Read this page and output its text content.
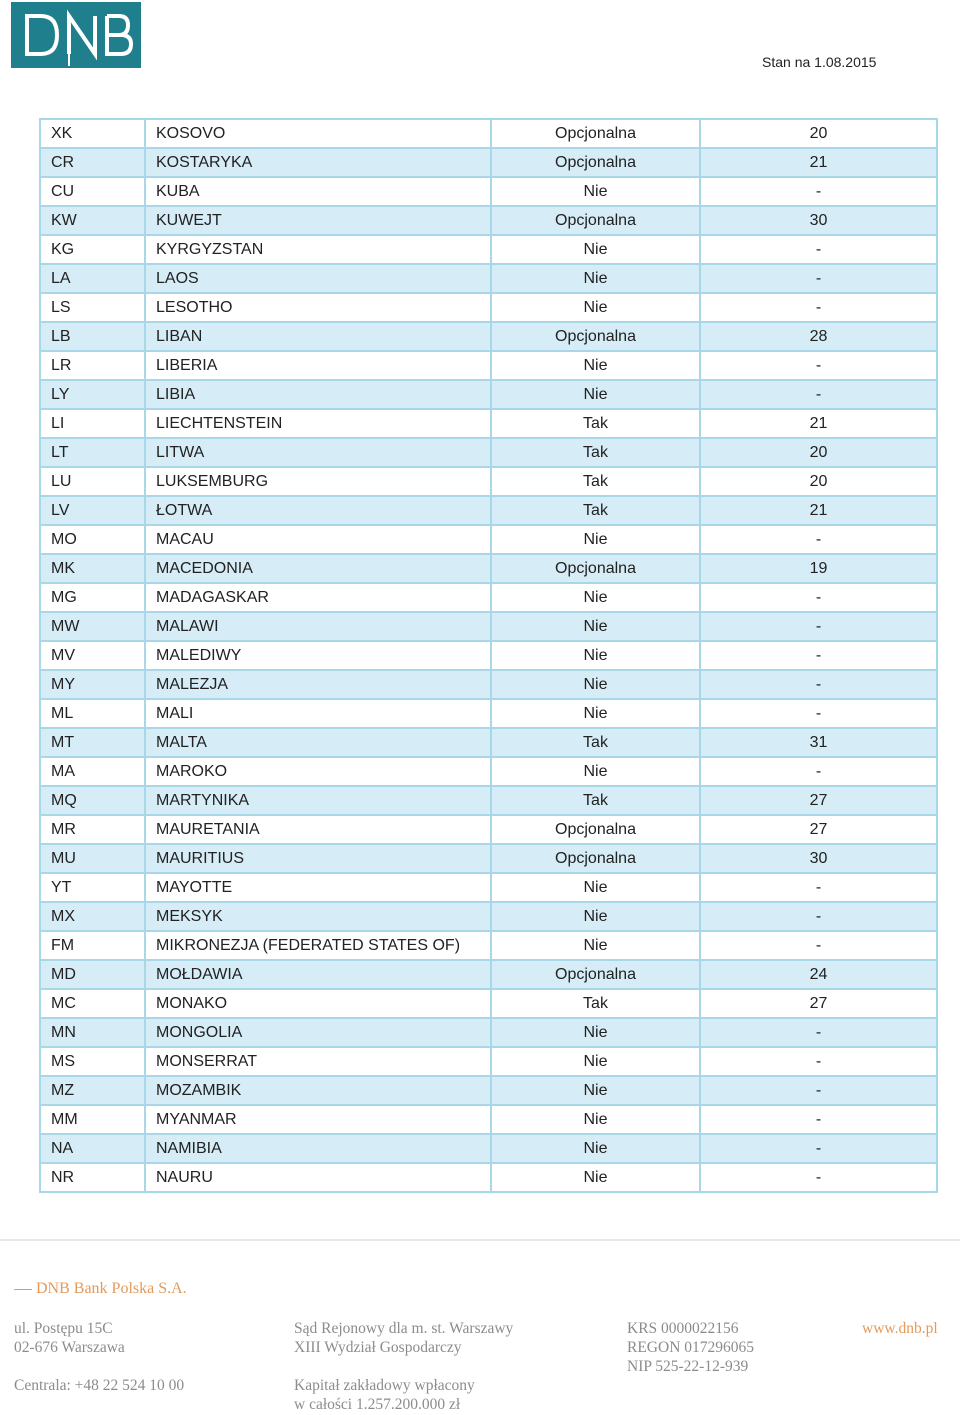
Stan na 1.08.2015
XK	KOSOVO	Opcjonalna	20
CR	KOSTARYKA	Opcjonalna	21
CU	KUBA	Nie	-
KW	KUWEJT	Opcjonalna	30
KG	KYRGYZSTAN	Nie	-
LA	LAOS	Nie	-
LS	LESOTHO	Nie	-
LB	LIBAN	Opcjonalna	28
LR	LIBERIA	Nie	-
LY	LIBIA	Nie	-
LI	LIECHTENSTEIN	Tak	21
LT	LITWA	Tak	20
LU	LUKSEMBURG	Tak	20
LV	ŁOTWA	Tak	21
MO	MACAU	Nie	-
MK	MACEDONIA	Opcjonalna	19
MG	MADAGASKAR	Nie	-
MW	MALAWI	Nie	-
MV	MALEDIWY	Nie	-
MY	MALEZJA	Nie	-
ML	MALI	Nie	-
MT	MALTA	Tak	31
MA	MAROKO	Nie	-
MQ	MARTYNIKA	Tak	27
MR	MAURETANIA	Opcjonalna	27
MU	MAURITIUS	Opcjonalna	30
YT	MAYOTTE	Nie	-
MX	MEKSYK	Nie	-
FM	MIKRONEZJA (FEDERATED STATES OF)	Nie	-
MD	MOŁDAWIA	Opcjonalna	24
MC	MONAKO	Tak	27
MN	MONGOLIA	Nie	-
MS	MONSERRAT	Nie	-
MZ	MOZAMBIK	Nie	-
MM	MYANMAR	Nie	-
NA	NAMIBIA	Nie	-
NR	NAURU	Nie	-
DNB Bank Polska S.A.
ul. Postępu 15C
02-676 Warszawa
Centrala: +48 22 524 10 00
Sąd Rejonowy dla m. st. Warszawy
XIII Wydział Gospodarczy
Kapitał zakładowy wpłacony
w całości 1.257.200.000 zł
KRS 0000022156
REGON 017296065
NIP 525-22-12-939
www.dnb.pl
